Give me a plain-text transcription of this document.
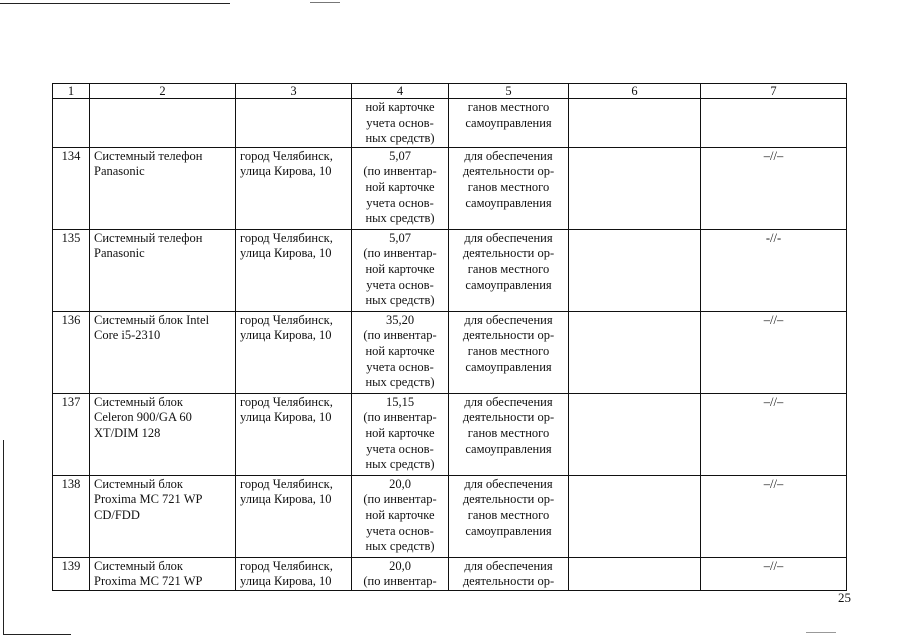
1	2	3	4	5	6	7

			ной карточке
учета основ-
ных средств)	ганов местного
самоуправления		

134	Системный телефон
Panasonic	город Челябинск,
улица Кирова, 10	5,07
(по инвентар-
ной карточке
учета основ-
ных средств)	для обеспечения
деятельности ор-
ганов местного
самоуправления		–//–
135	Системный телефон
Panasonic	город Челябинск,
улица Кирова, 10	5,07
(по инвентар-
ной карточке
учета основ-
ных средств)	для обеспечения
деятельности ор-
ганов местного
самоуправления		-//-
136	Системный блок Intel
Core i5-2310	город Челябинск,
улица Кирова, 10	35,20
(по инвентар-
ной карточке
учета основ-
ных средств)	для обеспечения
деятельности ор-
ганов местного
самоуправления		–//–
137	Системный блок
Celeron 900/GA 60
XT/DIM 128	город Челябинск,
улица Кирова, 10	15,15
(по инвентар-
ной карточке
учета основ-
ных средств)	для обеспечения
деятельности ор-
ганов местного
самоуправления		–//–
138	Системный блок
Proxima MC 721 WP
CD/FDD	город Челябинск,
улица Кирова, 10	20,0
(по инвентар-
ной карточке
учета основ-
ных средств)	для обеспечения
деятельности ор-
ганов местного
самоуправления		–//–
139	Системный блок
Proxima MC 721 WP	город Челябинск,
улица Кирова, 10	20,0
(по инвентар-	для обеспечения
деятельности ор-		–//–
25
